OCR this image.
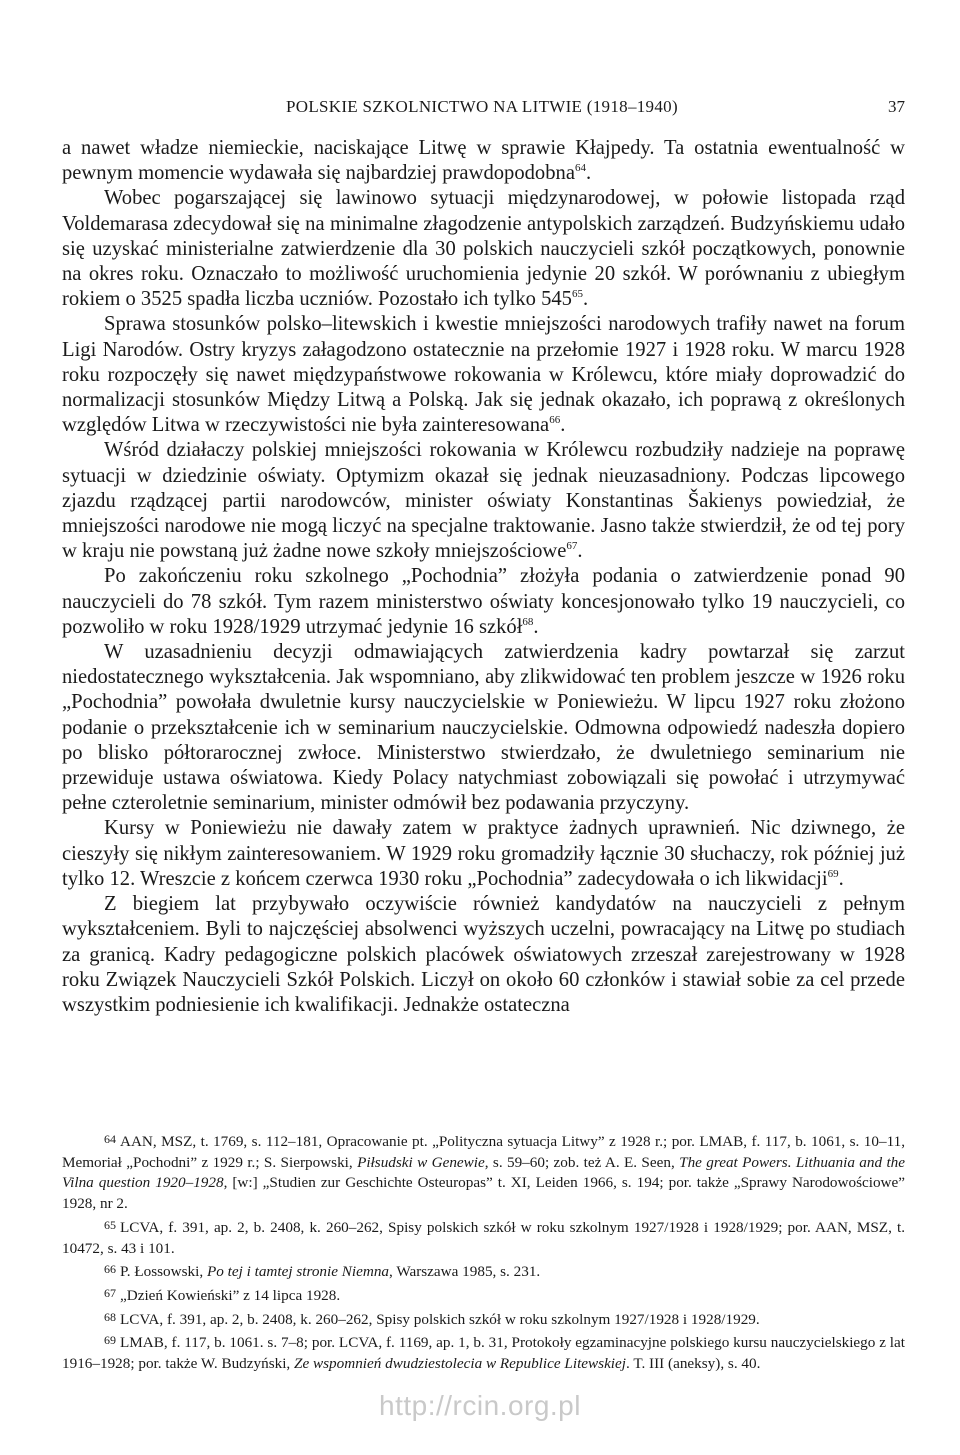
POLSKIE SZKOLNICTWO NA LITWIE (1918–1940)	37

a nawet władze niemieckie, naciskające Litwę w sprawie Kłajpedy. Ta ostatnia ewentualność w pewnym momencie wydawała się najbardziej prawdopodobna$^{64}$.

Wobec pogarszającej się lawinowo sytuacji międzynarodowej, w połowie listopada rząd Voldemarasa zdecydował się na minimalne złagodzenie antypolskich zarządzeń. Budzyńskiemu udało się uzyskać ministerialne zatwierdzenie dla 30 polskich nauczycieli szkół początkowych, ponownie na okres roku. Oznaczało to możliwość uruchomienia jedynie 20 szkół. W porównaniu z ubiegłym rokiem o 3525 spadła liczba uczniów. Pozostało ich tylko $545^{65}$.

Sprawa stosunków polsko–litewskich i kwestie mniejszości narodowych trafiły nawet na forum Ligi Narodów. Ostry kryzys załagodzono ostatecznie na przełomie 1927 i 1928 roku. W marcu 1928 roku rozpoczęły się nawet międzypaństwowe rokowania w Królewcu, które miały doprowadzić do normalizacji stosunków Między Litwą a Polską. Jak się jednak okazało, ich poprawą z określonych względów Litwa w rzeczywistości nie była zainteresowana$^{66}$.

Wśród działaczy polskiej mniejszości rokowania w Królewcu rozbudziły nadzieje na poprawę sytuacji w dziedzinie oświaty. Optymizm okazał się jednak nieuzasadniony. Podczas lipcowego zjazdu rządzącej partii narodowców, minister oświaty Konstantinas Šakienys powiedział, że mniejszości narodowe nie mogą liczyć na specjalne traktowanie. Jasno także stwierdził, że od tej pory w kraju nie powstaną już żadne nowe szkoły mniejszościowe$^{67}$.

Po zakończeniu roku szkolnego „Pochodnia” złożyła podania o zatwierdzenie ponad 90 nauczycieli do 78 szkół. Tym razem ministerstwo oświaty koncesjonowało tylko 19 nauczycieli, co pozwoliło w roku 1928/1929 utrzymać jedynie 16 szkół$^{68}$.

W uzasadnieniu decyzji odmawiających zatwierdzenia kadry powtarzał się zarzut niedostatecznego wykształcenia. Jak wspomniano, aby zlikwidować ten problem jeszcze w 1926 roku „Pochodnia” powołała dwuletnie kursy nauczycielskie w Poniewieżu. W lipcu 1927 roku złożono podanie o przekształcenie ich w seminarium nauczycielskie. Odmowna odpowiedź nadeszła dopiero po blisko półtorarocznej zwłoce. Ministerstwo stwierdzało, że dwuletniego seminarium nie przewiduje ustawa oświatowa. Kiedy Polacy natychmiast zobowiązali się powołać i utrzymywać pełne czteroletnie seminarium, minister odmówił bez podawania przyczyny.

Kursy w Poniewieżu nie dawały zatem w praktyce żadnych uprawnień. Nic dziwnego, że cieszyły się nikłym zainteresowaniem. W 1929 roku gromadziły łącznie 30 słuchaczy, rok później już tylko 12. Wreszcie z końcem czerwca 1930 roku „Pochodnia” zadecydowała o ich likwidacji$^{69}$.

Z biegiem lat przybywało oczywiście również kandydatów na nauczycieli z pełnym wykształceniem. Byli to najczęściej absolwenci wyższych uczelni, powracający na Litwę po studiach za granicą. Kadry pedagogiczne polskich placówek oświatowych zrzeszał zarejestrowany w 1928 roku Związek Nauczycieli Szkół Polskich. Liczył on około 60 członków i stawiał sobie za cel przede wszystkim podniesienie ich kwalifikacji. Jednakże ostateczna

64 AAN, MSZ, t. 1769, s. 112–181, Opracowanie pt. „Polityczna sytuacja Litwy” z 1928 r.; por. LMAB, f. 117, b. 1061, s. 10–11, Memoriał „Pochodni” z 1929 r.; S. Sierpowski, Piłsudski w Genewie, s. 59–60; zob. też A. E. Seen, The great Powers. Lithuania and the Vilna question 1920–1928, [w:] „Studien zur Geschichte Osteuropas” t. XI, Leiden 1966, s. 194; por. także „Sprawy Narodowościowe” 1928, nr 2.

65 LCVA, f. 391, ap. 2, b. 2408, k. 260–262, Spisy polskich szkół w roku szkolnym 1927/1928 i 1928/1929; por. AAN, MSZ, t. 10472, s. 43 i 101.

66 P. Łossowski, Po tej i tamtej stronie Niemna, Warszawa 1985, s. 231.

67 „Dzień Kowieński” z 14 lipca 1928.

68 LCVA, f. 391, ap. 2, b. 2408, k. 260–262, Spisy polskich szkół w roku szkolnym 1927/1928 i 1928/1929.

69 LMAB, f. 117, b. 1061. s. 7–8; por. LCVA, f. 1169, ap. 1, b. 31, Protokoły egzaminacyjne polskiego kursu nauczycielskiego z lat 1916–1928; por. także W. Budzyński, Ze wspomnień dwudziestolecia w Republice Litewskiej. T. III (aneksy), s. 40.

http://rcin.org.pl
